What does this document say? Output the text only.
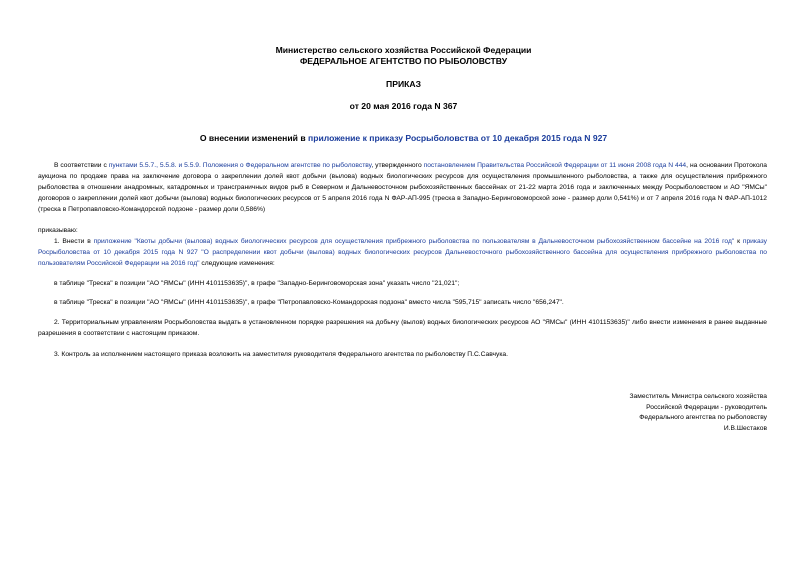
Министерство сельского хозяйства Российской Федерации
ФЕДЕРАЛЬНОЕ АГЕНТСТВО ПО РЫБОЛОВСТВУ
ПРИКАЗ
от 20 мая 2016 года N 367
О внесении изменений в приложение к приказу Росрыболовства от 10 декабря 2015 года N 927
В соответствии с пунктами 5.5.7., 5.5.8. и 5.5.9. Положения о Федеральном агентстве по рыболовству, утвержденного постановлением Правительства Российской Федерации от 11 июня 2008 года N 444, на основании Протокола аукциона по продаже права на заключение договора о закреплении долей квот добычи (вылова) водных биологических ресурсов для осуществления промышленного рыболовства, а также для осуществления прибрежного рыболовства в отношении анадромных, катадромных и трансграничных видов рыб в Северном и Дальневосточном рыбохозяйственных бассейнах от 21-22 марта 2016 года и заключенных между Росрыболовством и АО "ЯМСы" договоров о закреплении долей квот добычи (вылова) водных биологических ресурсов от 5 апреля 2016 года N ФАР-АП-995 (треска в Западно-Беринговоморской зоне - размер доли 0,541%) и от 7 апреля 2016 года N ФАР-АП-1012 (треска в Петропавловско-Командорской подзоне - размер доли 0,586%)
приказываю:
1. Внести в приложение "Квоты добычи (вылова) водных биологических ресурсов для осуществления прибрежного рыболовства по пользователям в Дальневосточном рыбохозяйственном бассейне на 2016 год" к приказу Росрыболовства от 10 декабря 2015 года N 927 "О распределении квот добычи (вылова) водных биологических ресурсов Дальневосточного рыбохозяйственного бассейна для осуществления прибрежного рыболовства по пользователям Российской Федерации на 2016 год" следующие изменения:
в таблице "Треска" в позиции "АО "ЯМСы" (ИНН 4101153635)", в графе "Западно-Беринговоморская зона" указать число "21,021";
в таблице "Треска" в позиции "АО "ЯМСы" (ИНН 4101153635)", в графе "Петропавловско-Командорская подзона" вместо числа "595,715" записать число "656,247".
2. Территориальным управлениям Росрыболовства выдать в установленном порядке разрешения на добычу (вылов) водных биологических ресурсов АО "ЯМСы" (ИНН 4101153635)" либо внести изменения в ранее выданные разрешения в соответствии с настоящим приказом.
3. Контроль за исполнением настоящего приказа возложить на заместителя руководителя Федерального агентства по рыболовству П.С.Савчука.
Заместитель Министра сельского хозяйства
Российской Федерации - руководитель
Федерального агентства по рыболовству
И.В.Шестаков
